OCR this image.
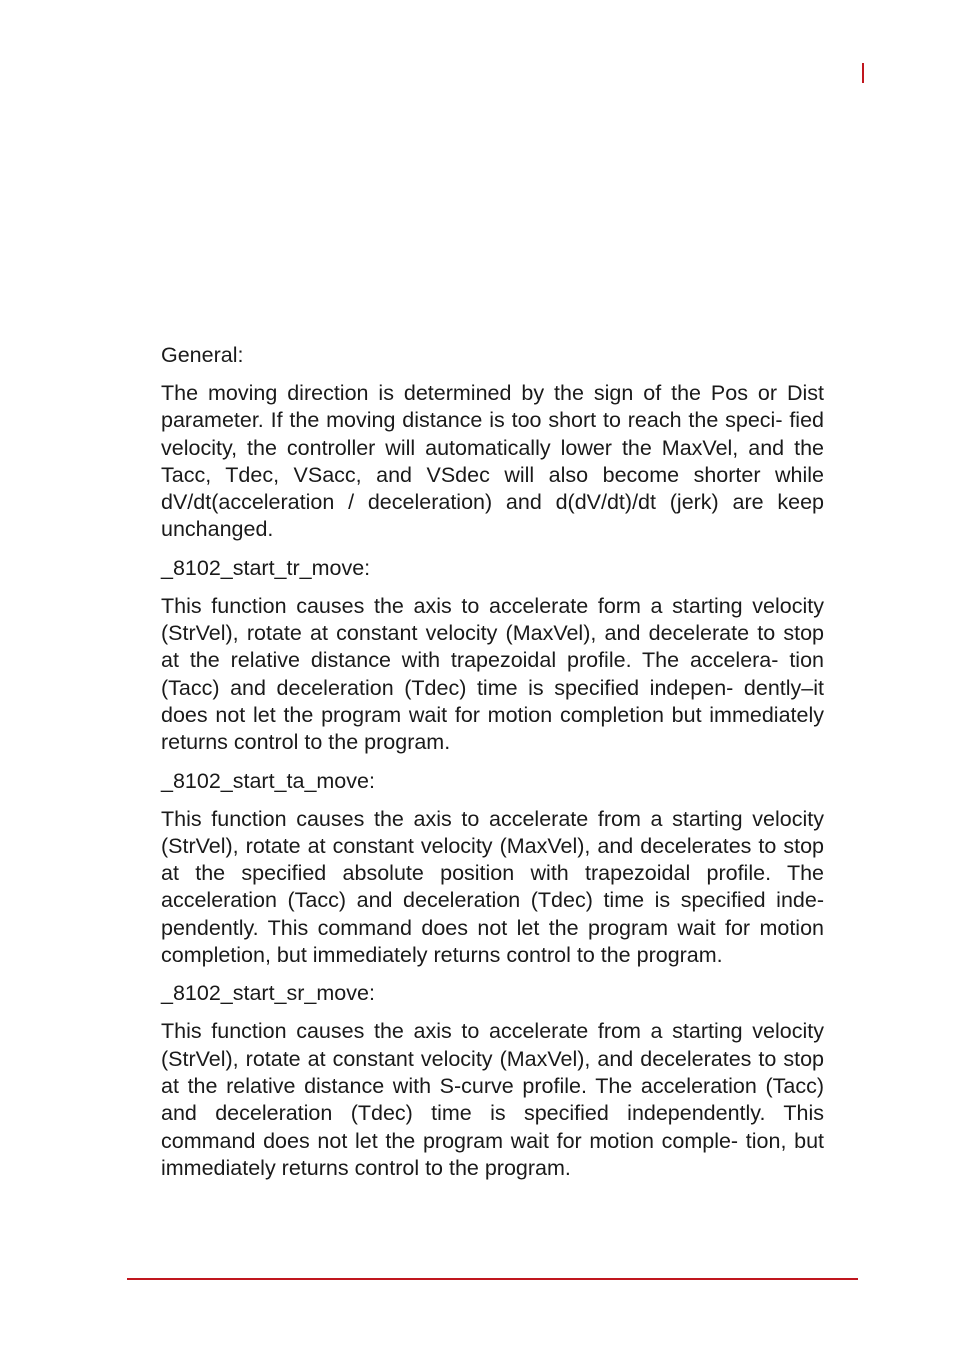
General:

The moving direction is determined by the sign of the Pos or Dist parameter. If the moving distance is too short to reach the speci- fied velocity, the controller will automatically lower the MaxVel, and the Tacc, Tdec, VSacc, and VSdec will also become shorter while dV/dt(acceleration / deceleration) and d(dV/dt)/dt (jerk) are keep unchanged.

_8102_start_tr_move:

This function causes the axis to accelerate form a starting velocity (StrVel), rotate at constant velocity (MaxVel), and decelerate to stop at the relative distance with trapezoidal profile. The accelera- tion (Tacc) and deceleration (Tdec) time is specified indepen- dently–it does not let the program wait for motion completion but immediately returns control to the program.

_8102_start_ta_move:

This function causes the axis to accelerate from a starting velocity (StrVel), rotate at constant velocity (MaxVel), and decelerates to stop at the specified absolute position with trapezoidal profile. The acceleration (Tacc) and deceleration (Tdec) time is specified inde- pendently. This command does not let the program wait for motion completion, but immediately returns control to the program.

_8102_start_sr_move:

This function causes the axis to accelerate from a starting velocity (StrVel), rotate at constant velocity (MaxVel), and decelerates to stop at the relative distance with S-curve profile. The acceleration (Tacc) and deceleration (Tdec) time is specified independently. This command does not let the program wait for motion comple- tion, but immediately returns control to the program.
